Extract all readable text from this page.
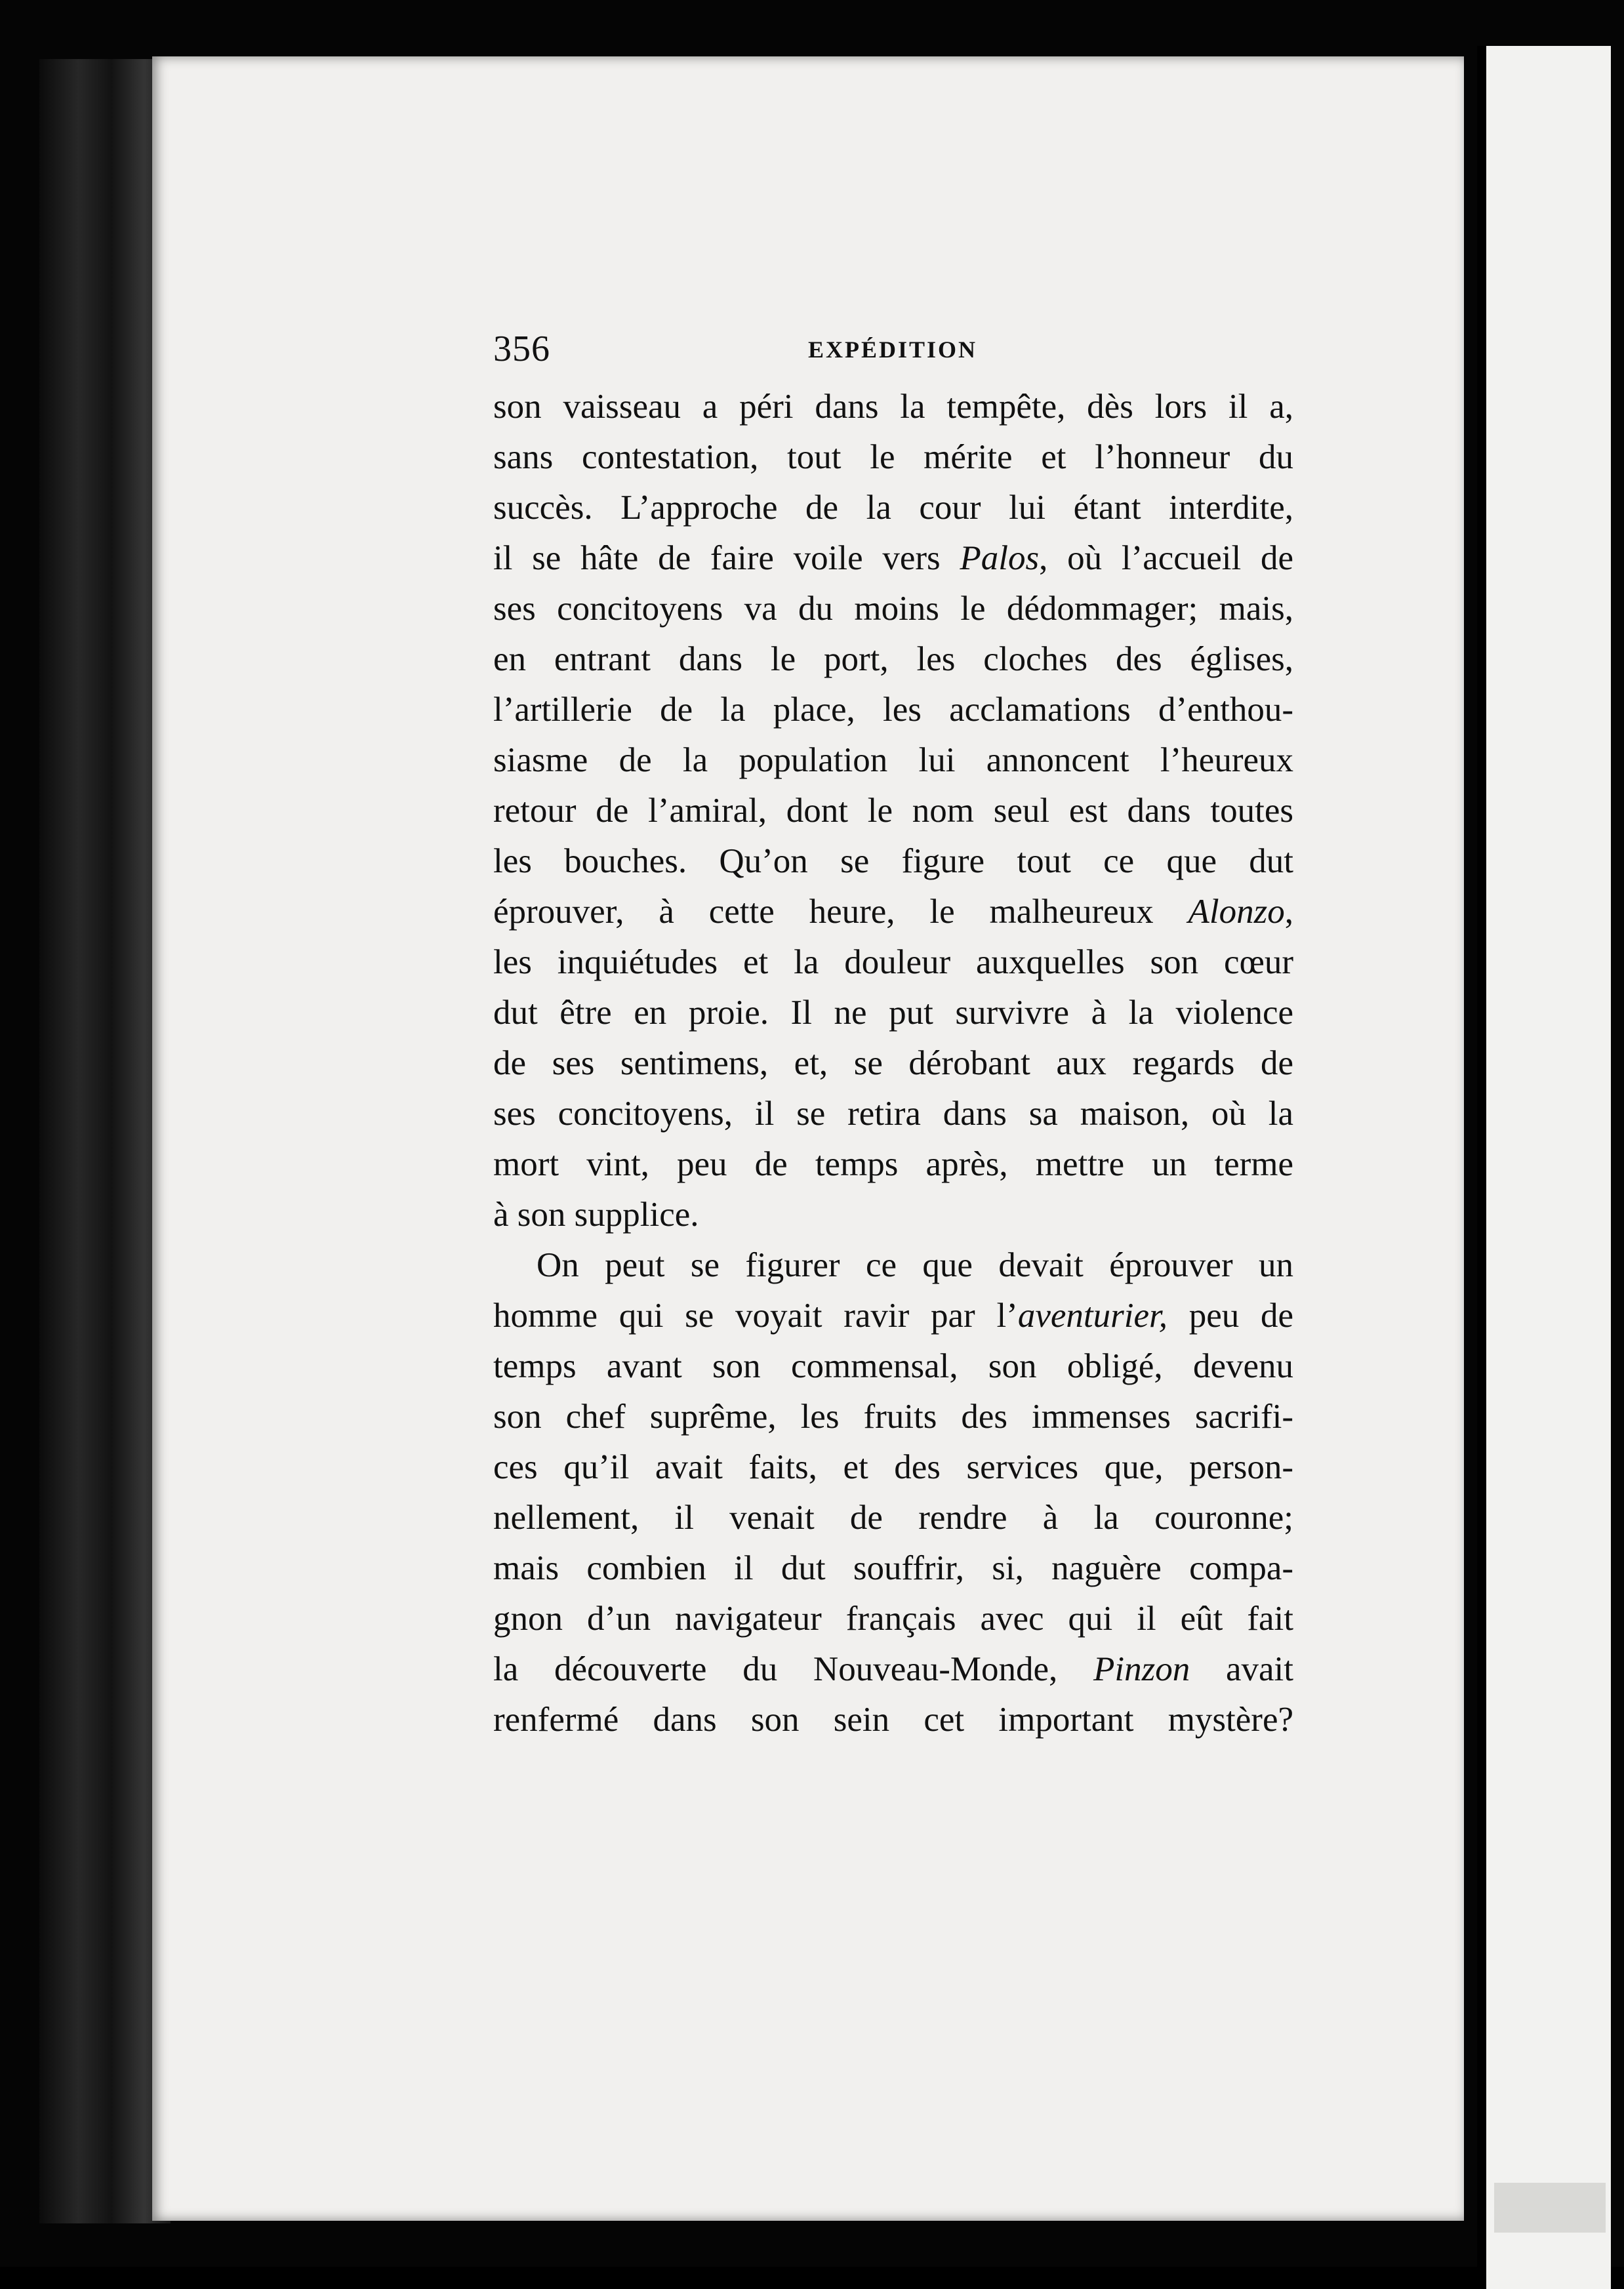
356	EXPÉDITION
son vaisseau a péri dans la tempête, dès lors il a,
sans contestation, tout le mérite et l’honneur du
succès. L’approche de la cour lui étant interdite,
il se hâte de faire voile vers Palos, où l’accueil de
ses concitoyens va du moins le dédommager; mais,
en entrant dans le port, les cloches des églises,
l’artillerie de la place, les acclamations d’enthou-
siasme de la population lui annoncent l’heureux
retour de l’amiral, dont le nom seul est dans toutes
les bouches. Qu’on se figure tout ce que dut
éprouver, à cette heure, le malheureux Alonzo,
les inquiétudes et la douleur auxquelles son cœur
dut être en proie. Il ne put survivre à la violence
de ses sentimens, et, se dérobant aux regards de
ses concitoyens, il se retira dans sa maison, où la
mort vint, peu de temps après, mettre un terme
à son supplice.
On peut se figurer ce que devait éprouver un
homme qui se voyait ravir par l’aventurier, peu de
temps avant son commensal, son obligé, devenu
son chef suprême, les fruits des immenses sacrifi-
ces qu’il avait faits, et des services que, person-
nellement, il venait de rendre à la couronne;
mais combien il dut souffrir, si, naguère compa-
gnon d’un navigateur français avec qui il eût fait
la découverte du Nouveau-Monde, Pinzon avait
renfermé dans son sein cet important mystère?
